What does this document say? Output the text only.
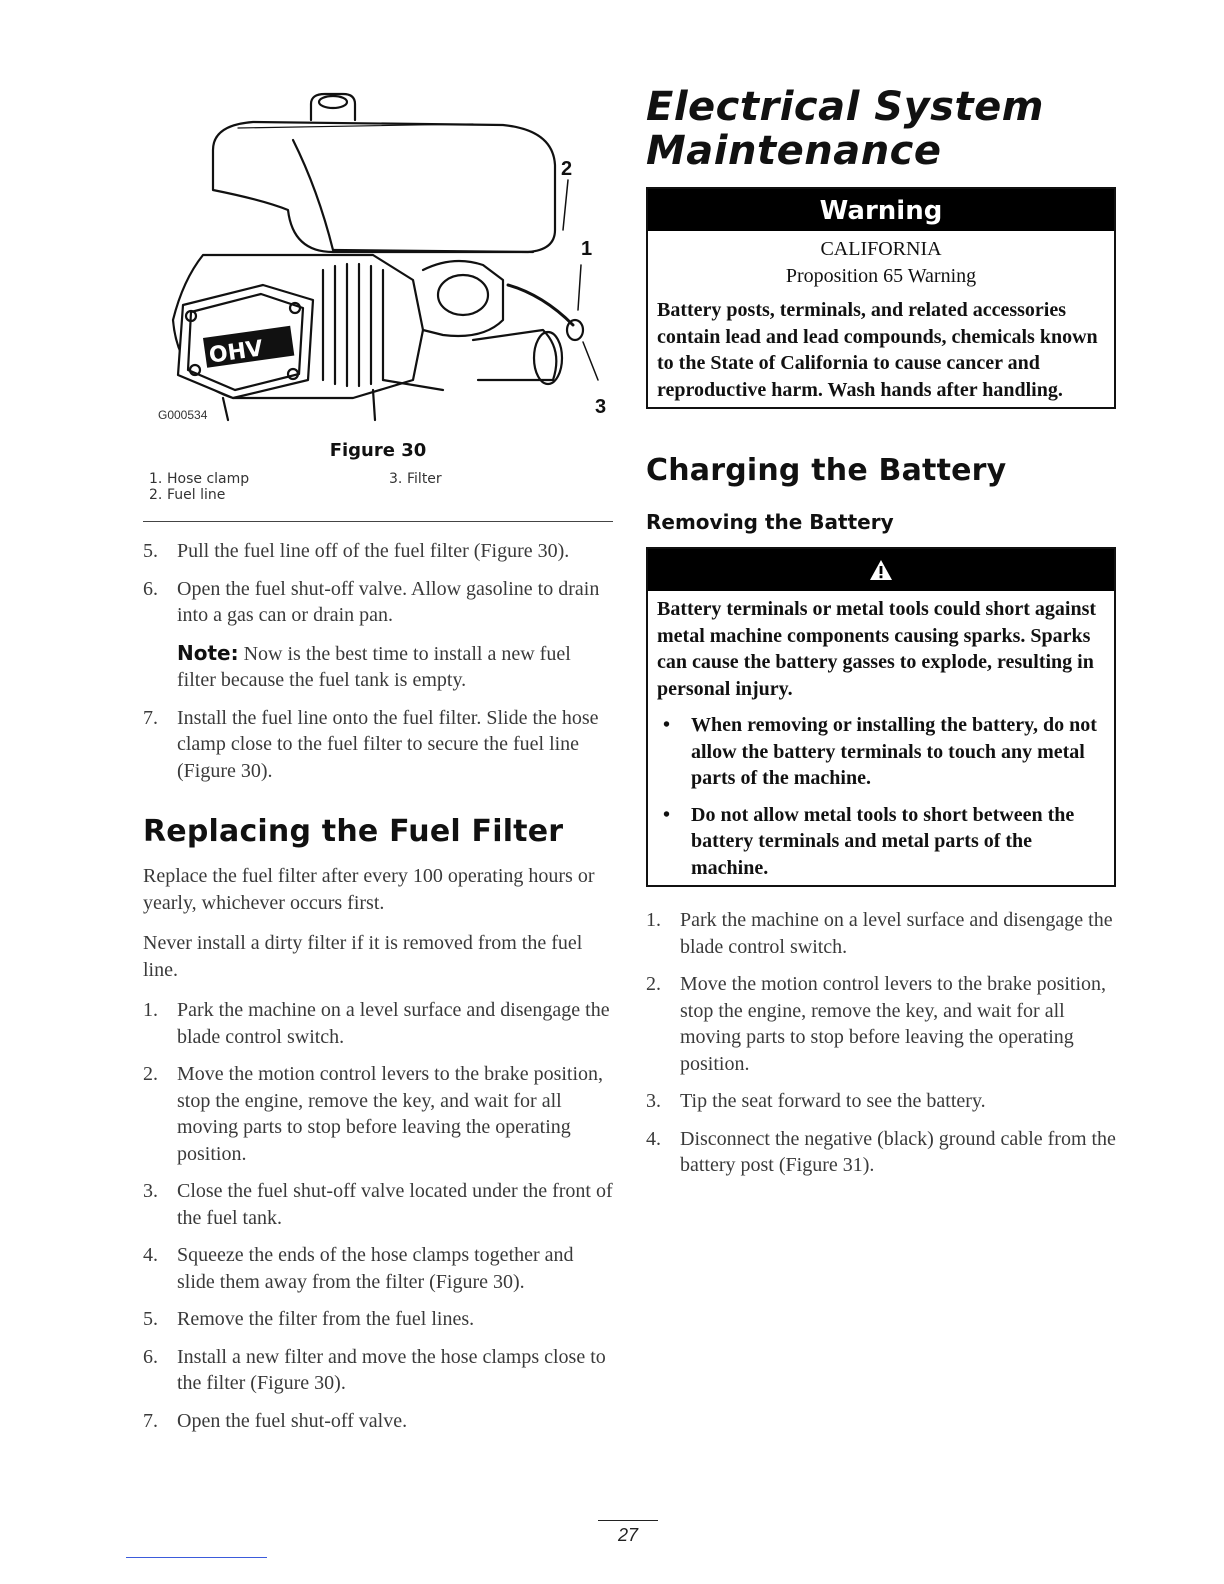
2
1
3
OHV
G000534
Figure 30
1. Hose clamp
2. Fuel line
3. Filter
5. Pull the fuel line off of the fuel filter (Figure 30).
6. Open the fuel shut-off valve. Allow gasoline to drain into a gas can or drain pan.

Note: Now is the best time to install a new fuel filter because the fuel tank is empty.

7. Install the fuel line onto the fuel filter. Slide the hose clamp close to the fuel filter to secure the fuel line (Figure 30).
Replacing the Fuel Filter

Replace the fuel filter after every 100 operating hours or yearly, whichever occurs first.

Never install a dirty filter if it is removed from the fuel line.

1. Park the machine on a level surface and disengage the blade control switch.
2. Move the motion control levers to the brake position, stop the engine, remove the key, and wait for all moving parts to stop before leaving the operating position.
3. Close the fuel shut-off valve located under the front of the fuel tank.
4. Squeeze the ends of the hose clamps together and slide them away from the filter (Figure 30).
5. Remove the filter from the fuel lines.
6. Install a new filter and move the hose clamps close to the filter (Figure 30).
7. Open the fuel shut-off valve.
Electrical System
Maintenance
Warning
CALIFORNIA
Proposition 65 Warning

Battery posts, terminals, and related accessories contain lead and lead compounds, chemicals known to the State of California to cause cancer and reproductive harm. Wash hands after handling.

Charging the Battery
Removing the Battery

Battery terminals or metal tools could short against metal machine components causing sparks. Sparks can cause the battery gasses to explode, resulting in personal injury.

• When removing or installing the battery, do not allow the battery terminals to touch any metal parts of the machine.
• Do not allow metal tools to short between the battery terminals and metal parts of the machine.
1. Park the machine on a level surface and disengage the blade control switch.
2. Move the motion control levers to the brake position, stop the engine, remove the key, and wait for all moving parts to stop before leaving the operating position.
3. Tip the seat forward to see the battery.
4. Disconnect the negative (black) ground cable from the battery post (Figure 31).
27
